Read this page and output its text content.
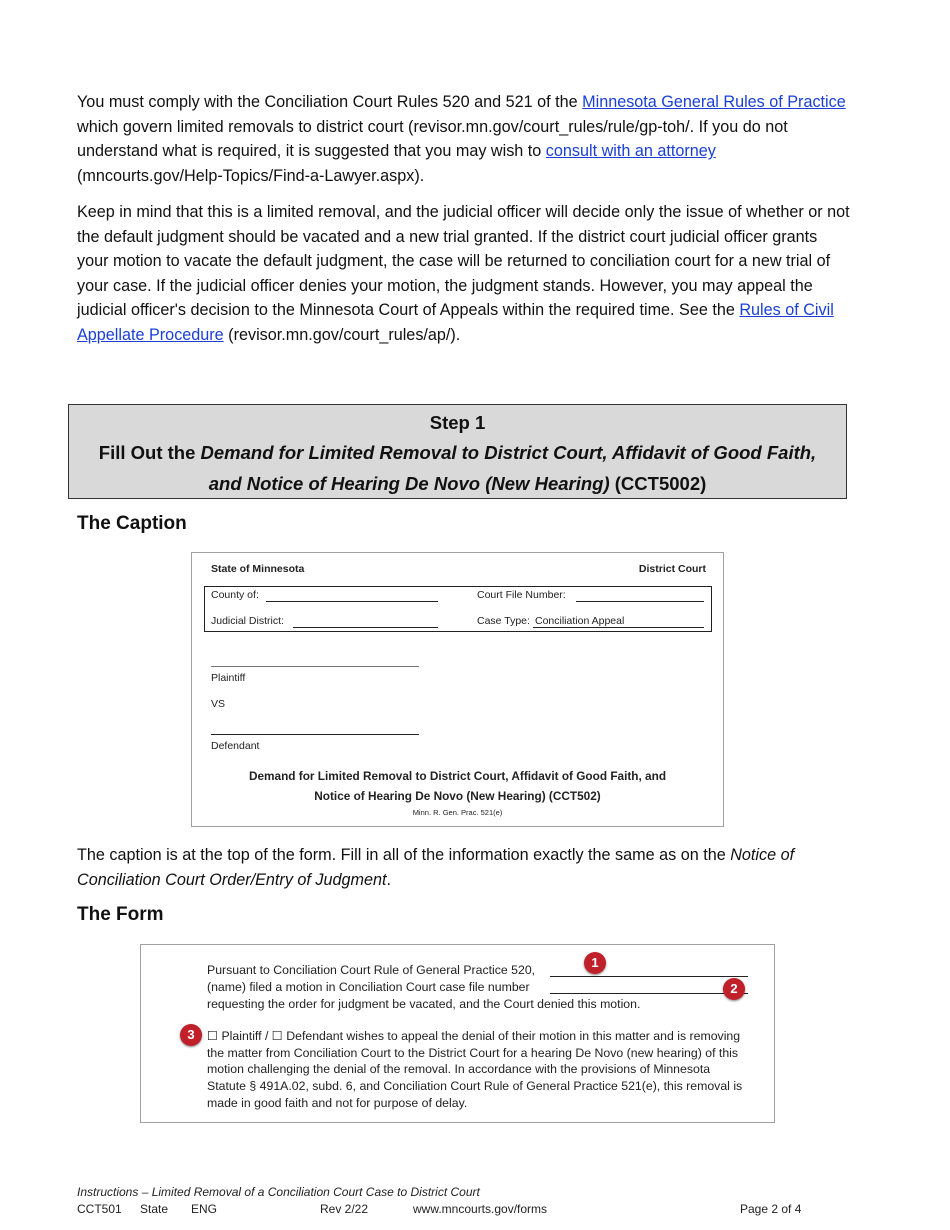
You must comply with the Conciliation Court Rules 520 and 521 of the Minnesota General Rules of Practice which govern limited removals to district court (revisor.mn.gov/court_rules/rule/gp-toh/. If you do not understand what is required, it is suggested that you may wish to consult with an attorney (mncourts.gov/Help-Topics/Find-a-Lawyer.aspx).

Keep in mind that this is a limited removal, and the judicial officer will decide only the issue of whether or not the default judgment should be vacated and a new trial granted. If the district court judicial officer grants your motion to vacate the default judgment, the case will be returned to conciliation court for a new trial of your case. If the judicial officer denies your motion, the judgment stands. However, you may appeal the judicial officer's decision to the Minnesota Court of Appeals within the required time. See the Rules of Civil Appellate Procedure (revisor.mn.gov/court_rules/ap/).

Step 1
Fill Out the Demand for Limited Removal to District Court, Affidavit of Good Faith,
and Notice of Hearing De Novo (New Hearing) (CCT5002)
The Caption
State of Minnesota	District Court
County of:	Court File Number:
Judicial District:	Case Type: Conciliation Appeal
Plaintiff
VS
Defendant
Demand for Limited Removal to District Court, Affidavit of Good Faith, and
Notice of Hearing De Novo (New Hearing) (CCT502)
Minn. R. Gen. Prac. 521(e)

The caption is at the top of the form. Fill in all of the information exactly the same as on the Notice of Conciliation Court Order/Entry of Judgment.

The Form

Pursuant to Conciliation Court Rule of General Practice 520,

(name) filed a motion in Conciliation Court case file number

requesting the order for judgment be vacated, and the Court denied this motion.

☐ Plaintiff / ☐ Defendant wishes to appeal the denial of their motion in this matter and is removing the matter from Conciliation Court to the District Court for a hearing De Novo (new hearing) of this motion challenging the denial of the removal. In accordance with the provisions of Minnesota Statute § 491A.02, subd. 6, and Conciliation Court Rule of General Practice 521(e), this removal is made in good faith and not for purpose of delay.

1
2
3
Instructions – Limited Removal of a Conciliation Court Case to District Court
CCT501 State ENG	Rev 2/22	www.mncourts.gov/forms	Page 2 of 4
